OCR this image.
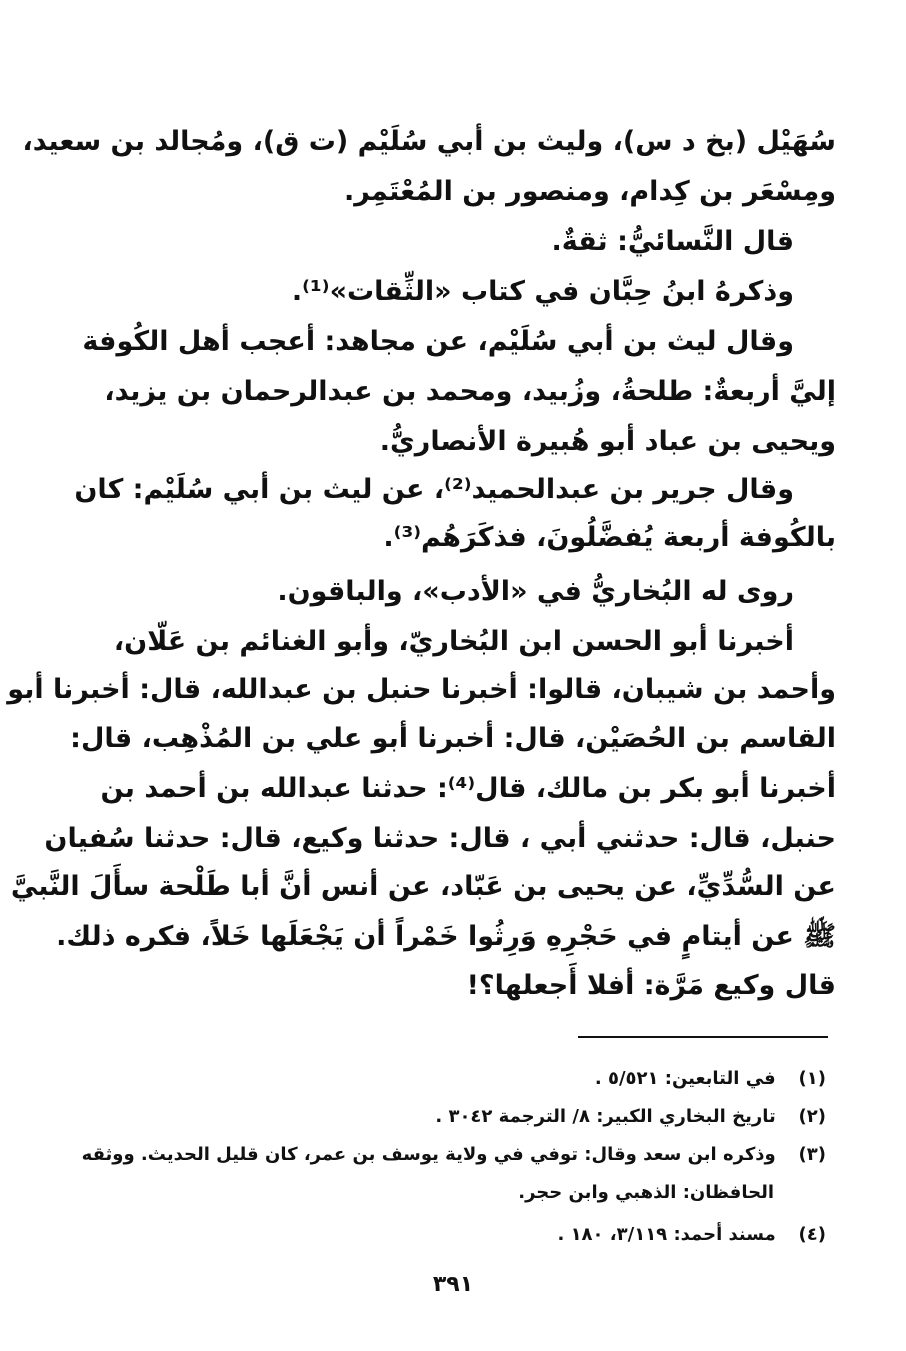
سُهَيْل (بخ د س)، وليث بن أبي سُلَيْم (ت ق)، ومُجالد بن سعيد،
ومِسْعَر بن كِدام، ومنصور بن المُعْتَمِر.
قال النَّسائيُّ: ثقةٌ.
وذكرهُ ابنُ حِبَّان في كتاب «الثِّقات»⁽¹⁾.
وقال ليث بن أبي سُلَيْم، عن مجاهد: أعجب أهل الكُوفة
إليَّ أربعةٌ: طلحةُ، وزُبيد، ومحمد بن عبدالرحمان بن يزيد،
ويحيى بن عباد أبو هُبيرة الأنصاريُّ.
وقال جرير بن عبدالحميد⁽²⁾، عن ليث بن أبي سُلَيْم: كان
بالكُوفة أربعة يُفضَّلُونَ، فذكَرَهُم⁽³⁾.
روى له البُخاريُّ في «الأدب»، والباقون.
أخبرنا أبو الحسن ابن البُخاريّ، وأبو الغنائم بن عَلّان،
وأحمد بن شيبان، قالوا: أخبرنا حنبل بن عبدالله، قال: أخبرنا أبو
القاسم بن الحُصَيْن، قال: أخبرنا أبو علي بن المُذْهِب، قال:
أخبرنا أبو بكر بن مالك، قال⁽⁴⁾: حدثنا عبدالله بن أحمد بن
حنبل، قال: حدثني أبي ، قال: حدثنا وكيع، قال: حدثنا سُفيان
عن السُّدِّيِّ، عن يحيى بن عَبّاد، عن أنس أنَّ أبا طَلْحة سأَلَ النَّبيَّ
ﷺ عن أيتامٍ في حَجْرِهِ وَرِثُوا خَمْراً أن يَجْعَلَها خَلاً، فكره ذلك.
قال وكيع مَرَّة: أفلا أَجعلها؟!
(١) في التابعين: ٥/٥٢١ .
(٢) تاريخ البخاري الكبير: ٨/ الترجمة ٣٠٤٢ .
(٣) وذكره ابن سعد وقال: توفي في ولاية يوسف بن عمر، كان قليل الحديث. ووثقه
الحافظان: الذهبي وابن حجر.
(٤) مسند أحمد: ٣/١١٩، ١٨٠ .
٣٩١
